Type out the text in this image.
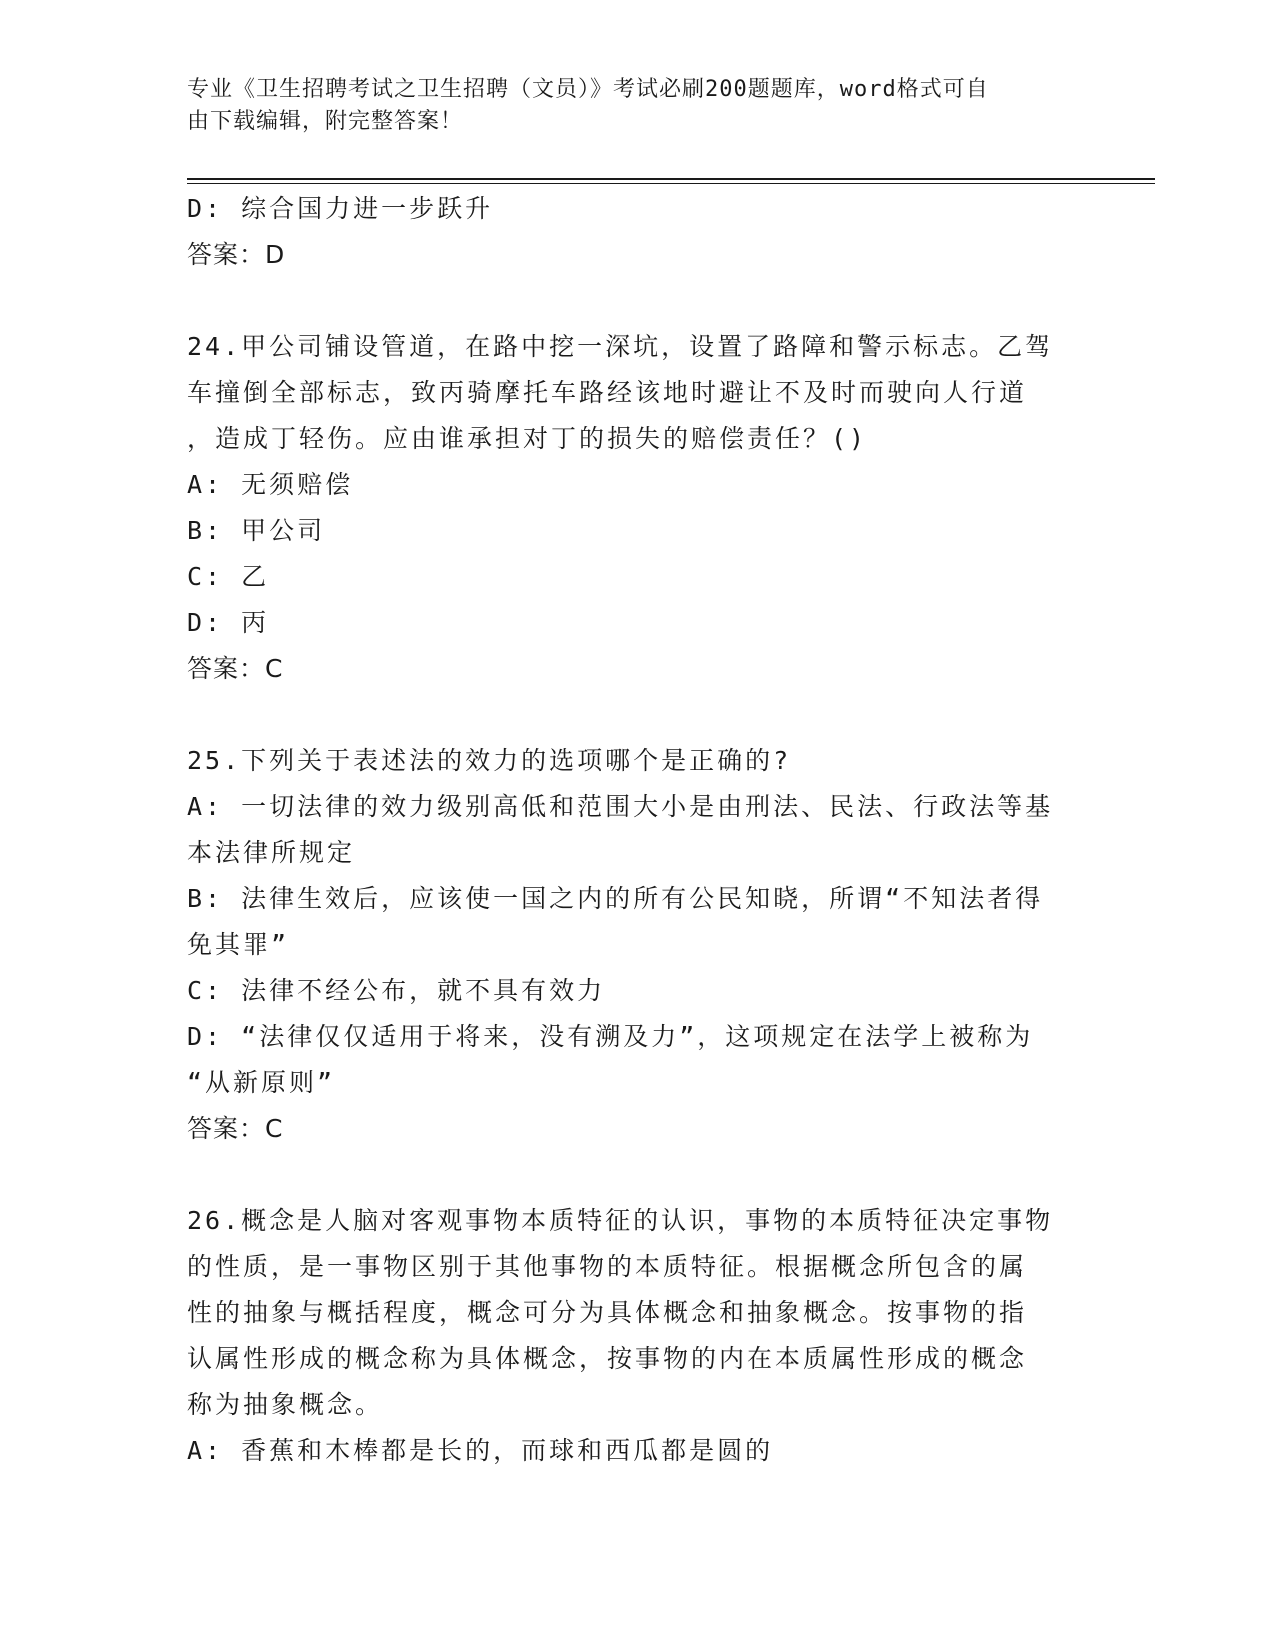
专业《卫生招聘考试之卫生招聘（文员）》考试必刷200题题库，word格式可自
由下载编辑，附完整答案！
D: 综合国力进一步跃升
答案：D
24.甲公司铺设管道，在路中挖一深坑，设置了路障和警示标志。乙驾
车撞倒全部标志，致丙骑摩托车路经该地时避让不及时而驶向人行道
，造成丁轻伤。应由谁承担对丁的损失的赔偿责任？()
A: 无须赔偿
B: 甲公司
C: 乙
D: 丙
答案：C
25.下列关于表述法的效力的选项哪个是正确的?
A: 一切法律的效力级别高低和范围大小是由刑法、民法、行政法等基
本法律所规定
B: 法律生效后，应该使一国之内的所有公民知晓，所谓“不知法者得
免其罪”
C: 法律不经公布，就不具有效力
D: “法律仅仅适用于将来，没有溯及力”，这项规定在法学上被称为
“从新原则”
答案：C
26.概念是人脑对客观事物本质特征的认识，事物的本质特征决定事物
的性质，是一事物区别于其他事物的本质特征。根据概念所包含的属
性的抽象与概括程度，概念可分为具体概念和抽象概念。按事物的指
认属性形成的概念称为具体概念，按事物的内在本质属性形成的概念
称为抽象概念。
A: 香蕉和木棒都是长的，而球和西瓜都是圆的
